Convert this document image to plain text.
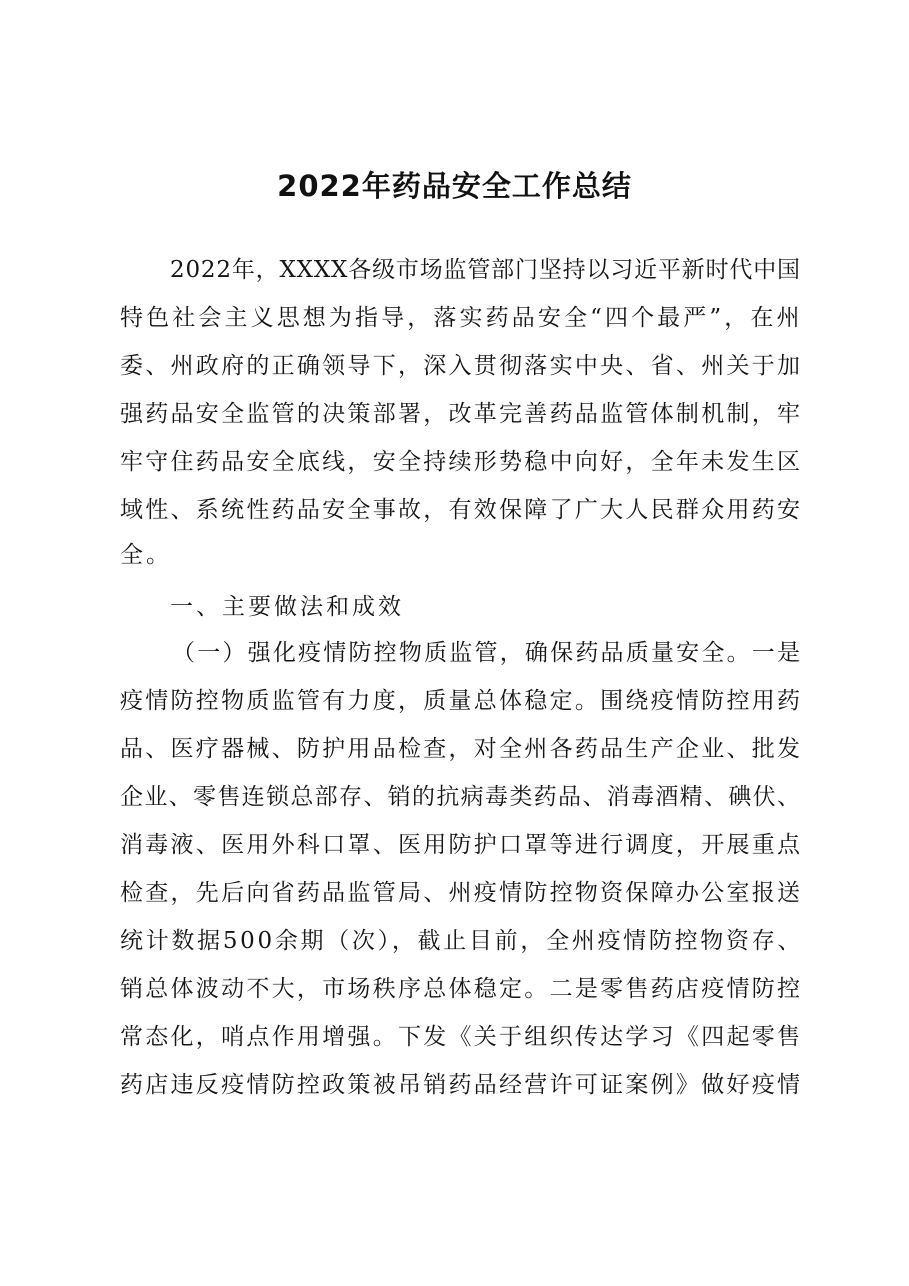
2022年药品安全工作总结
2022年，XXXX各级市场监管部门坚持以习近平新时代中国
特色社会主义思想为指导，落实药品安全“四个最严”，在州
委、州政府的正确领导下，深入贯彻落实中央、省、州关于加
强药品安全监管的决策部署，改革完善药品监管体制机制，牢
牢守住药品安全底线，安全持续形势稳中向好，全年未发生区
域性、系统性药品安全事故，有效保障了广大人民群众用药安
全。
一、主要做法和成效
（一）强化疫情防控物质监管，确保药品质量安全。一是
疫情防控物质监管有力度，质量总体稳定。围绕疫情防控用药
品、医疗器械、防护用品检查，对全州各药品生产企业、批发
企业、零售连锁总部存、销的抗病毒类药品、消毒酒精、碘伏、
消毒液、医用外科口罩、医用防护口罩等进行调度，开展重点
检查，先后向省药品监管局、州疫情防控物资保障办公室报送
统计数据500余期（次），截止目前，全州疫情防控物资存、
销总体波动不大，市场秩序总体稳定。二是零售药店疫情防控
常态化，哨点作用增强。下发《关于组织传达学习《四起零售
药店违反疫情防控政策被吊销药品经营许可证案例》做好疫情
